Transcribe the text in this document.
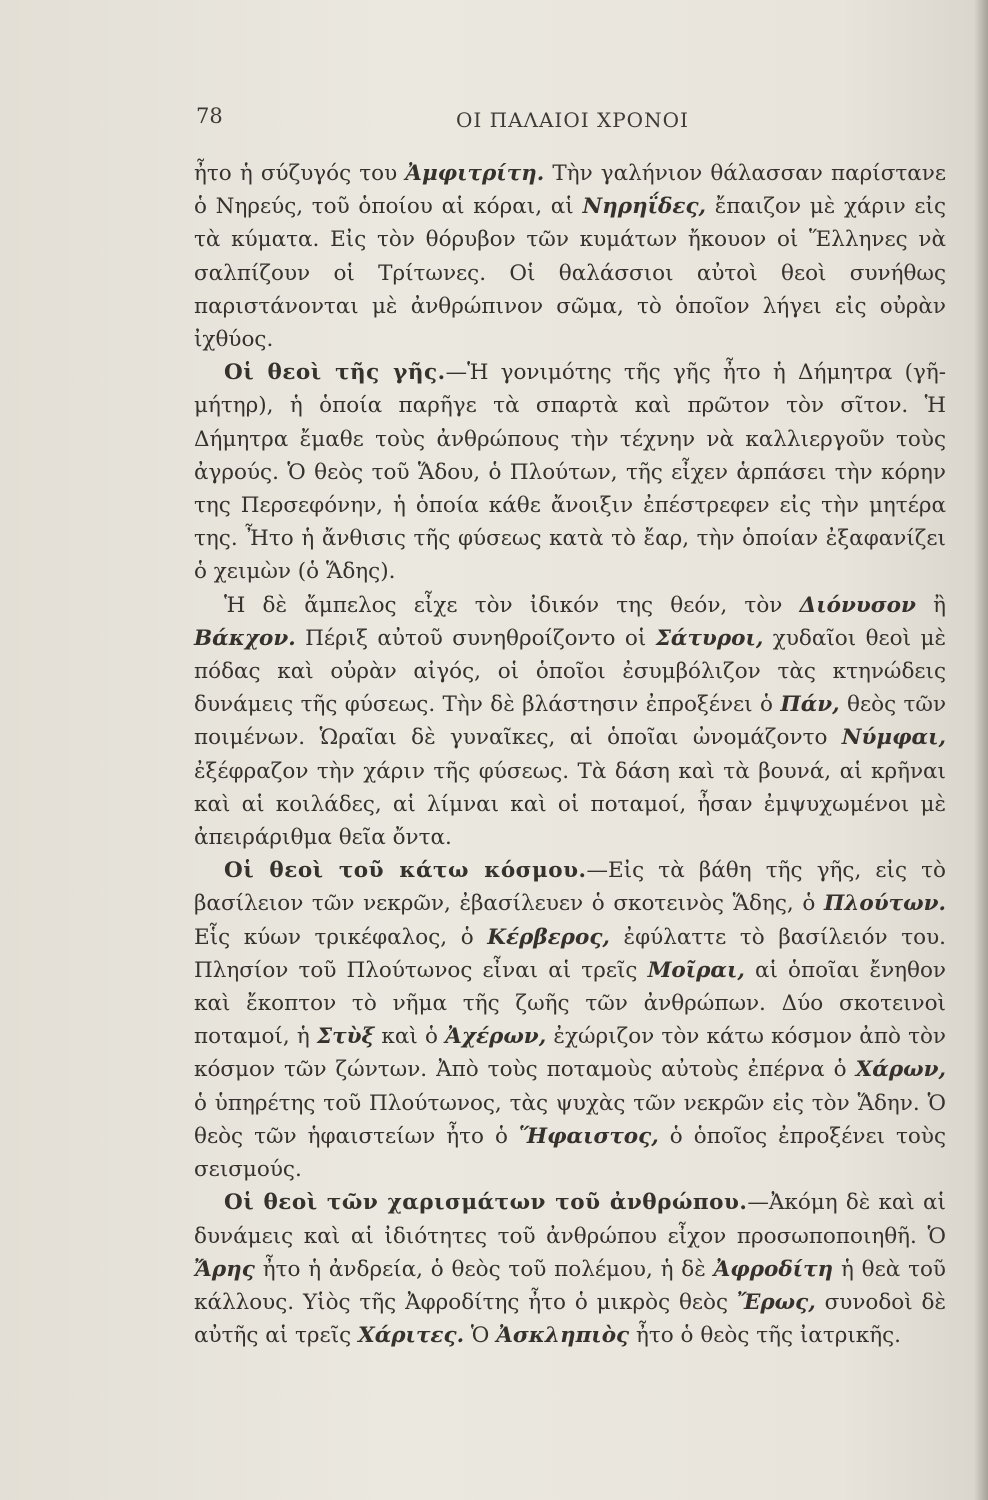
78	ΟΙ ΠΑΛΑΙΟΙ ΧΡΟΝΟΙ

ἦτο ἡ σύζυγός του Ἀμφιτρίτη. Τὴν γαλήνιον θάλασσαν παρίστανε ὁ Νηρεύς, τοῦ ὁποίου αἱ κόραι, αἱ Νηρηΐδες, ἔπαιζον μὲ χάριν εἰς τὰ κύματα. Εἰς τὸν θόρυβον τῶν κυμάτων ἤκουον οἱ Ἕλληνες νὰ σαλπίζουν οἱ Τρίτωνες. Οἱ θαλάσσιοι αὐτοὶ θεοὶ συνήθως παριστάνονται μὲ ἀνθρώπινον σῶμα, τὸ ὁποῖον λήγει εἰς οὐρὰν ἰχθύος.

Οἱ θεοὶ τῆς γῆς.—Ἡ γονιμότης τῆς γῆς ἦτο ἡ Δήμητρα (γῆ-μήτηρ), ἡ ὁποία παρῆγε τὰ σπαρτὰ καὶ πρῶτον τὸν σῖτον. Ἡ Δήμητρα ἔμαθε τοὺς ἀνθρώπους τὴν τέχνην νὰ καλλιεργοῦν τοὺς ἀγρούς. Ὁ θεὸς τοῦ Ἅδου, ὁ Πλούτων, τῆς εἶχεν ἁρπάσει τὴν κόρην της Περσεφόνην, ἡ ὁποία κάθε ἄνοιξιν ἐπέστρεφεν εἰς τὴν μητέρα της. Ἦτο ἡ ἄνθισις τῆς φύσεως κατὰ τὸ ἔαρ, τὴν ὁποίαν ἐξαφανίζει ὁ χειμὼν (ὁ Ἅδης).

Ἡ δὲ ἄμπελος εἶχε τὸν ἰδικόν της θεόν, τὸν Διόνυσον ἢ Βάκχον. Πέριξ αὐτοῦ συνηθροίζοντο οἱ Σάτυροι, χυδαῖοι θεοὶ μὲ πόδας καὶ οὐρὰν αἰγός, οἱ ὁποῖοι ἐσυμβόλιζον τὰς κτηνώδεις δυνάμεις τῆς φύσεως. Τὴν δὲ βλάστησιν ἐπροξένει ὁ Πάν, θεὸς τῶν ποιμένων. Ὡραῖαι δὲ γυναῖκες, αἱ ὁποῖαι ὠνομάζοντο Νύμφαι, ἐξέφραζον τὴν χάριν τῆς φύσεως. Τὰ δάση καὶ τὰ βουνά, αἱ κρῆναι καὶ αἱ κοιλάδες, αἱ λίμναι καὶ οἱ ποταμοί, ἦσαν ἐμψυχωμένοι μὲ ἀπειράριθμα θεῖα ὄντα.

Οἱ θεοὶ τοῦ κάτω κόσμου.—Εἰς τὰ βάθη τῆς γῆς, εἰς τὸ βασίλειον τῶν νεκρῶν, ἐβασίλευεν ὁ σκοτεινὸς Ἅδης, ὁ Πλούτων. Εἷς κύων τρικέφαλος, ὁ Κέρβερος, ἐφύλαττε τὸ βασίλειόν του. Πλησίον τοῦ Πλούτωνος εἶναι αἱ τρεῖς Μοῖραι, αἱ ὁποῖαι ἔνηθον καὶ ἔκοπτον τὸ νῆμα τῆς ζωῆς τῶν ἀνθρώπων. Δύο σκοτεινοὶ ποταμοί, ἡ Στὺξ καὶ ὁ Ἀχέρων, ἐχώριζον τὸν κάτω κόσμον ἀπὸ τὸν κόσμον τῶν ζώντων. Ἀπὸ τοὺς ποταμοὺς αὐτοὺς ἐπέρνα ὁ Χάρων, ὁ ὑπηρέτης τοῦ Πλούτωνος, τὰς ψυχὰς τῶν νεκρῶν εἰς τὸν Ἅδην. Ὁ θεὸς τῶν ἡφαιστείων ἦτο ὁ Ἥφαιστος, ὁ ὁποῖος ἐπροξένει τοὺς σεισμούς.

Οἱ θεοὶ τῶν χαρισμάτων τοῦ ἀνθρώπου.—Ἀκόμη δὲ καὶ αἱ δυνάμεις καὶ αἱ ἰδιότητες τοῦ ἀνθρώπου εἶχον προσωποποιηθῆ. Ὁ Ἄρης ἦτο ἡ ἀνδρεία, ὁ θεὸς τοῦ πολέμου, ἡ δὲ Ἀφροδίτη ἡ θεὰ τοῦ κάλλους. Υἱὸς τῆς Ἀφροδίτης ἦτο ὁ μικρὸς θεὸς Ἔρως, συνοδοὶ δὲ αὐτῆς αἱ τρεῖς Χάριτες. Ὁ Ἀσκληπιὸς ἦτο ὁ θεὸς τῆς ἰατρικῆς.
